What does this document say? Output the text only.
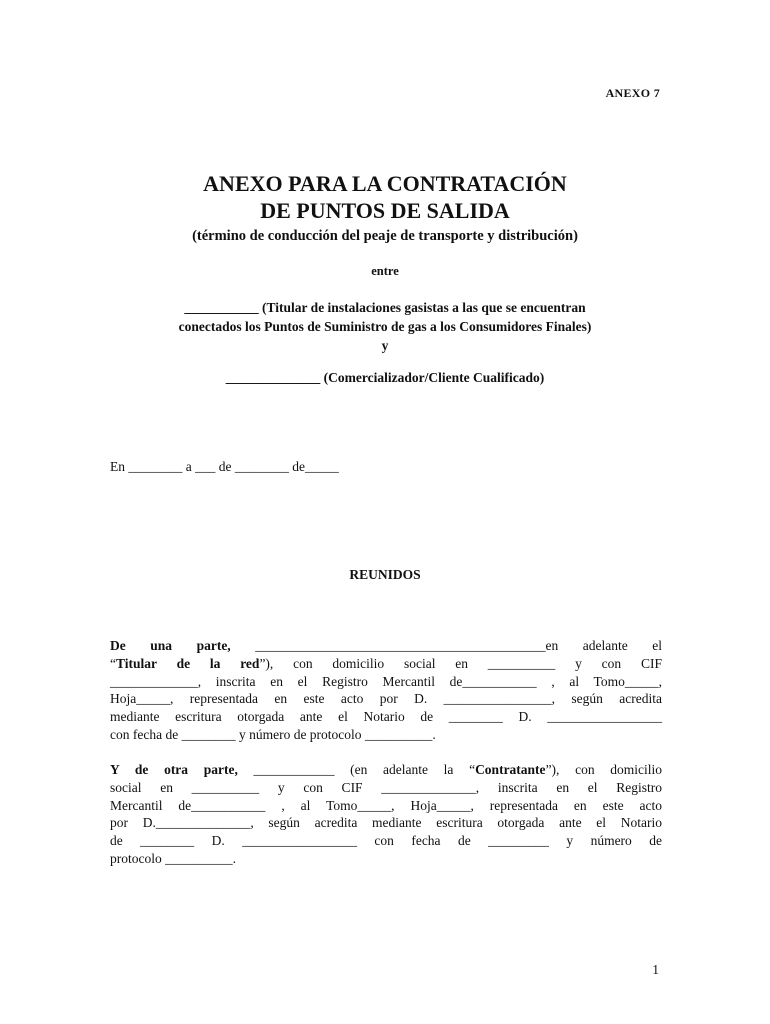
ANEXO 7
ANEXO PARA LA CONTRATACIÓN
DE PUNTOS DE SALIDA
(término de conducción del peaje de transporte y distribución)
entre
___________ (Titular de instalaciones gasistas a las que se encuentran
conectados los Puntos de Suministro de gas a los Consumidores Finales)
y
______________ (Comercializador/Cliente Cualificado)
En ________ a ___ de ________ de_____
REUNIDOS
De una parte, ___________________________________________en adelante el
“Titular de la red”), con domicilio social en __________ y con CIF
_____________, inscrita en el Registro Mercantil de___________ , al Tomo_____,
Hoja_____, representada en este acto por D. ________________, según acredita
mediante escritura otorgada ante el Notario de ________ D. _________________
con fecha de ________ y número de protocolo __________.
Y de otra parte, ____________ (en adelante la “Contratante”), con domicilio
social en __________ y con CIF ______________, inscrita en el Registro
Mercantil de___________ , al Tomo_____, Hoja_____, representada en este acto
por D.______________, según acredita mediante escritura otorgada ante el Notario
de ________ D. _________________ con fecha de _________ y número de
protocolo __________.
1
